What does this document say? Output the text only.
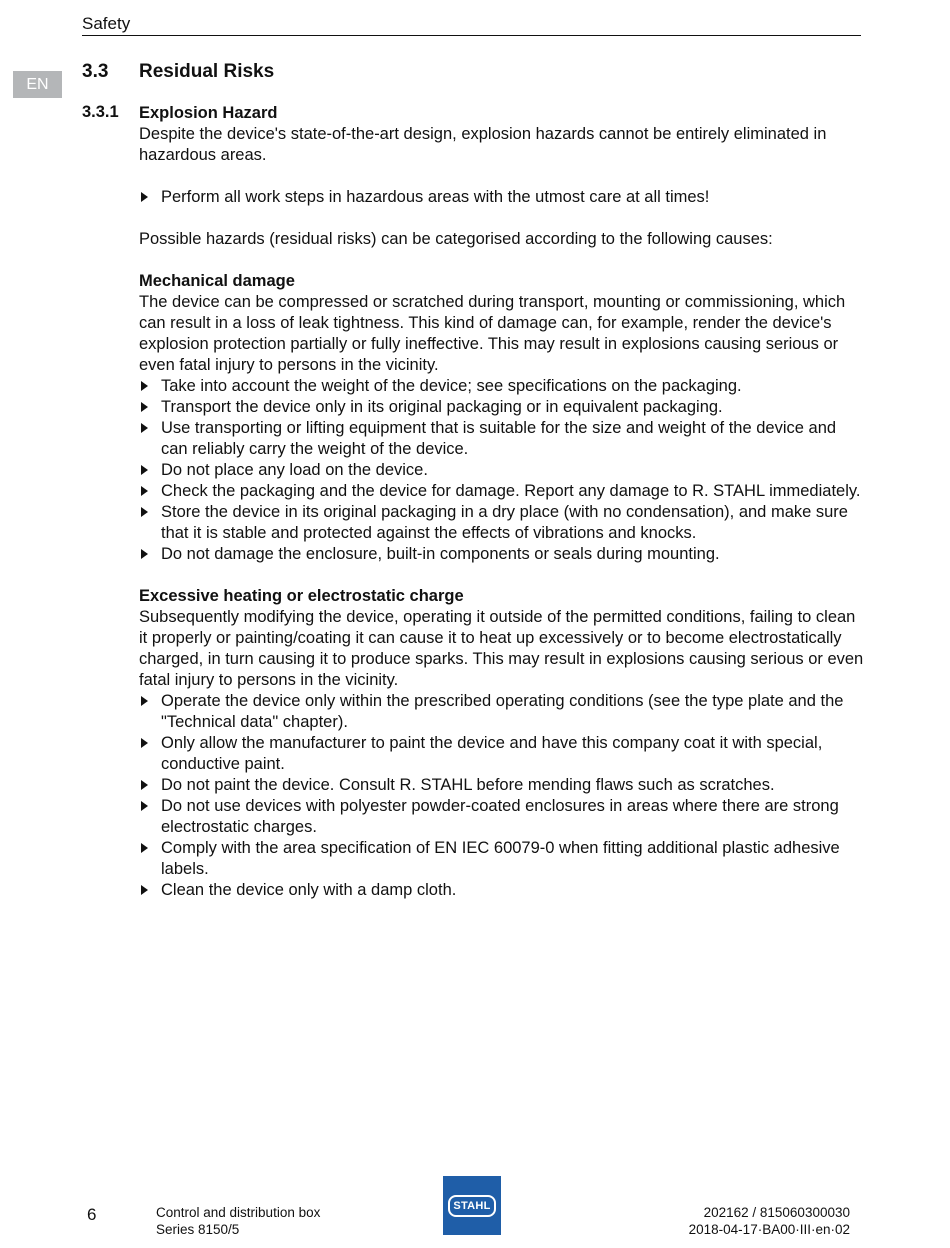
Safety
EN
3.3 Residual Risks
3.3.1 Explosion Hazard

Despite the device's state-of-the-art design, explosion hazards cannot be entirely eliminated in hazardous areas.

Perform all work steps in hazardous areas with the utmost care at all times!

Possible hazards (residual risks) can be categorised according to the following causes:

Mechanical damage

The device can be compressed or scratched during transport, mounting or commissioning, which can result in a loss of leak tightness. This kind of damage can, for example, render the device's explosion protection partially or fully ineffective. This may result in explosions causing serious or even fatal injury to persons in the vicinity.

Take into account the weight of the device; see specifications on the packaging.
Transport the device only in its original packaging or in equivalent packaging.
Use transporting or lifting equipment that is suitable for the size and weight of the device and can reliably carry the weight of the device.
Do not place any load on the device.
Check the packaging and the device for damage. Report any damage to R. STAHL immediately.
Store the device in its original packaging in a dry place (with no condensation), and make sure that it is stable and protected against the effects of vibrations and knocks.
Do not damage the enclosure, built-in components or seals during mounting.
Excessive heating or electrostatic charge

Subsequently modifying the device, operating it outside of the permitted conditions, failing to clean it properly or painting/coating it can cause it to heat up excessively or to become electrostatically charged, in turn causing it to produce sparks. This may result in explosions causing serious or even fatal injury to persons in the vicinity.

Operate the device only within the prescribed operating conditions (see the type plate and the "Technical data" chapter).
Only allow the manufacturer to paint the device and have this company coat it with special, conductive paint.
Do not paint the device. Consult R. STAHL before mending flaws such as scratches.
Do not use devices with polyester powder-coated enclosures in areas where there are strong electrostatic charges.
Comply with the area specification of EN IEC 60079-0 when fitting additional plastic adhesive labels.
Clean the device only with a damp cloth.
6	Control and distribution box
Series 8150/5
STAHL	202162 / 815060300030
2018-04-17·BA00·III·en·02
